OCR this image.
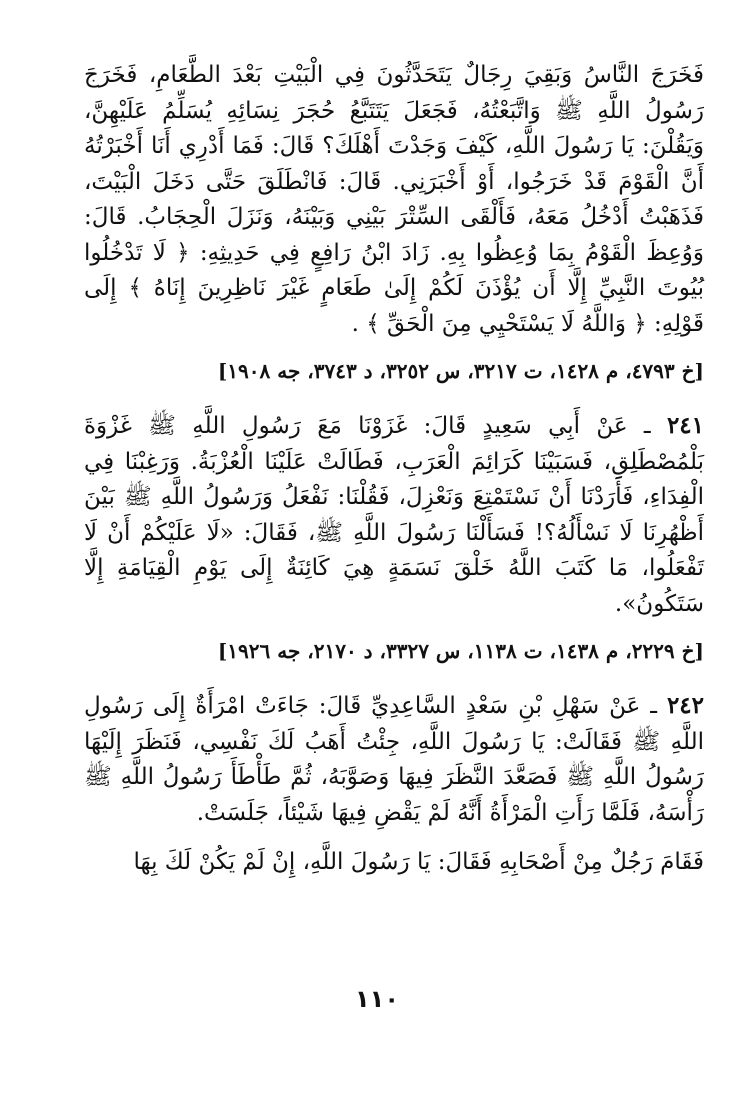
فَخَرَجَ النَّاسُ وَبَقِيَ رِجَالٌ يَتَحَدَّثُونَ فِي الْبَيْتِ بَعْدَ الطَّعَامِ، فَخَرَجَ رَسُولُ اللَّهِ ﷺ وَاتَّبَعْتُهُ، فَجَعَلَ يَتَتَبَّعُ حُجَرَ نِسَائِهِ يُسَلِّمُ عَلَيْهِنَّ، وَيَقُلْنَ: يَا رَسُولَ اللَّهِ، كَيْفَ وَجَدْتَ أَهْلَكَ؟ قَالَ: فَمَا أَدْرِي أَنَا أَخْبَرْتُهُ أَنَّ الْقَوْمَ قَدْ خَرَجُوا، أَوْ أَخْبَرَنِي. قَالَ: فَانْطَلَقَ حَتَّى دَخَلَ الْبَيْتَ، فَذَهَبْتُ أَدْخُلُ مَعَهُ، فَأَلْقَى السِّتْرَ بَيْنِي وَبَيْنَهُ، وَنَزَلَ الْحِجَابُ. قَالَ: وَوُعِظَ الْقَوْمُ بِمَا وُعِظُوا بِهِ. زَادَ ابْنُ رَافِعٍ فِي حَدِيثِهِ: ﴿ لَا تَدْخُلُوا بُيُوتَ النَّبِيِّ إِلَّا أَن يُؤْذَنَ لَكُمْ إِلَىٰ طَعَامٍ غَيْرَ نَاظِرِينَ إِنَاهُ ﴾ إِلَى قَوْلِهِ: ﴿ وَاللَّهُ لَا يَسْتَحْيِي مِنَ الْحَقِّ ﴾ .

[خ ٤٧٩٣، م ١٤٢٨، ت ٣٢١٧، س ٣٢٥٢، د ٣٧٤٣، جه ١٩٠٨]

٢٤١ ـ عَنْ أَبِي سَعِيدٍ قَالَ: غَزَوْنَا مَعَ رَسُولِ اللَّهِ ﷺ غَزْوَةَ بَلْمُصْطَلِقِ، فَسَبَيْنَا كَرَائِمَ الْعَرَبِ، فَطَالَتْ عَلَيْنَا الْعُزْبَةُ. وَرَغِبْنَا فِي الْفِدَاءِ، فَأَرَدْنَا أَنْ نَسْتَمْتِعَ وَنَعْزِلَ، فَقُلْنَا: نَفْعَلُ وَرَسُولُ اللَّهِ ﷺ بَيْنَ أَظْهُرِنَا لَا نَسْأَلُهُ؟! فَسَأَلْنَا رَسُولَ اللَّهِ ﷺ، فَقَالَ: «لَا عَلَيْكُمْ أَنْ لَا تَفْعَلُوا، مَا كَتَبَ اللَّهُ خَلْقَ نَسَمَةٍ هِيَ كَائِنَةٌ إِلَى يَوْمِ الْقِيَامَةِ إِلَّا سَتَكُونُ».

[خ ٢٢٢٩، م ١٤٣٨، ت ١١٣٨، س ٣٣٢٧، د ٢١٧٠، جه ١٩٢٦]

٢٤٢ ـ عَنْ سَهْلِ بْنِ سَعْدٍ السَّاعِدِيِّ قَالَ: جَاءَتْ امْرَأَةٌ إِلَى رَسُولِ اللَّهِ ﷺ فَقَالَتْ: يَا رَسُولَ اللَّهِ، جِئْتُ أَهَبُ لَكَ نَفْسِي، فَنَظَرَ إِلَيْهَا رَسُولُ اللَّهِ ﷺ فَصَعَّدَ النَّظَرَ فِيهَا وَصَوَّبَهُ، ثُمَّ طَأْطَأَ رَسُولُ اللَّهِ ﷺ رَأْسَهُ، فَلَمَّا رَأَتِ الْمَرْأَةُ أَنَّهُ لَمْ يَقْضِ فِيهَا شَيْئاً، جَلَسَتْ.

فَقَامَ رَجُلٌ مِنْ أَصْحَابِهِ فَقَالَ: يَا رَسُولَ اللَّهِ، إِنْ لَمْ يَكُنْ لَكَ بِهَا

١١٠
